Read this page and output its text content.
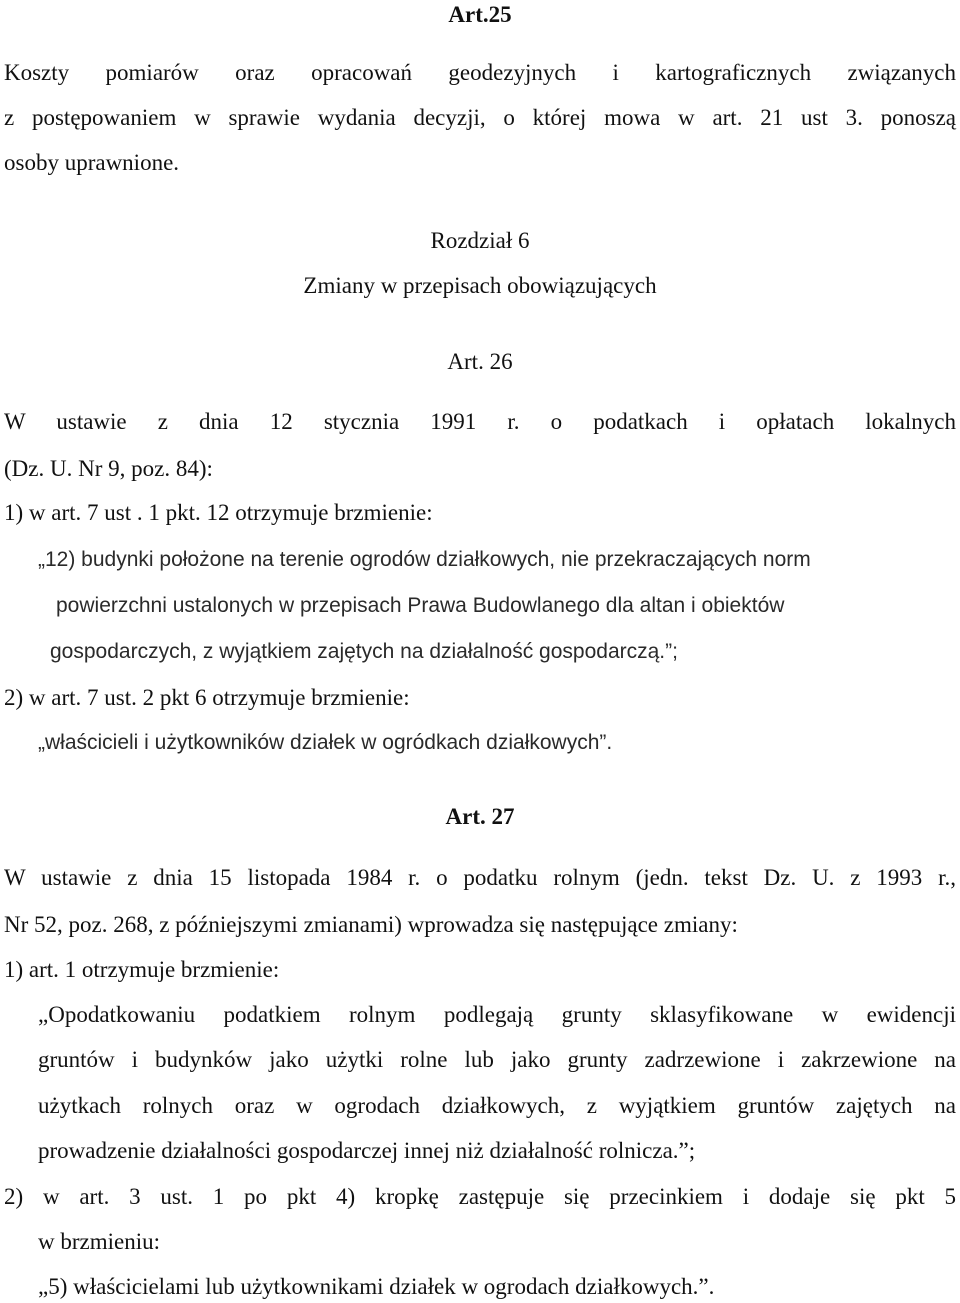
Art.25
Koszty pomiarów oraz opracowań geodezyjnych i kartograficznych związanych
z postępowaniem w sprawie wydania decyzji, o której mowa w art. 21 ust 3. ponoszą
osoby uprawnione.
Rozdział 6
Zmiany w przepisach obowiązujących
Art. 26
W ustawie z dnia 12 stycznia 1991 r. o podatkach i opłatach lokalnych
(Dz. U. Nr 9, poz. 84):
1) w art. 7 ust . 1 pkt. 12 otrzymuje brzmienie:
„12) budynki położone na terenie ogrodów działkowych, nie przekraczających norm
powierzchni ustalonych w przepisach Prawa Budowlanego dla altan i obiektów
gospodarczych, z wyjątkiem zajętych na działalność gospodarczą.”;
2) w art. 7 ust. 2 pkt 6 otrzymuje brzmienie:
„właścicieli i użytkowników działek w ogródkach działkowych”.
Art. 27
W ustawie z dnia 15 listopada 1984 r. o podatku rolnym (jedn. tekst Dz. U. z 1993 r.,
Nr 52, poz. 268, z późniejszymi zmianami) wprowadza się następujące zmiany:
1) art. 1 otrzymuje brzmienie:
„Opodatkowaniu podatkiem rolnym podlegają grunty sklasyfikowane w ewidencji
gruntów i budynków jako użytki rolne lub jako grunty zadrzewione i zakrzewione na
użytkach rolnych oraz w ogrodach działkowych, z wyjątkiem gruntów zajętych na
prowadzenie działalności gospodarczej innej niż działalność rolnicza.”;
2) w art. 3 ust. 1 po pkt 4) kropkę zastępuje się przecinkiem i dodaje się pkt 5
w brzmieniu:
„5) właścicielami lub użytkownikami działek w ogrodach działkowych.”.
